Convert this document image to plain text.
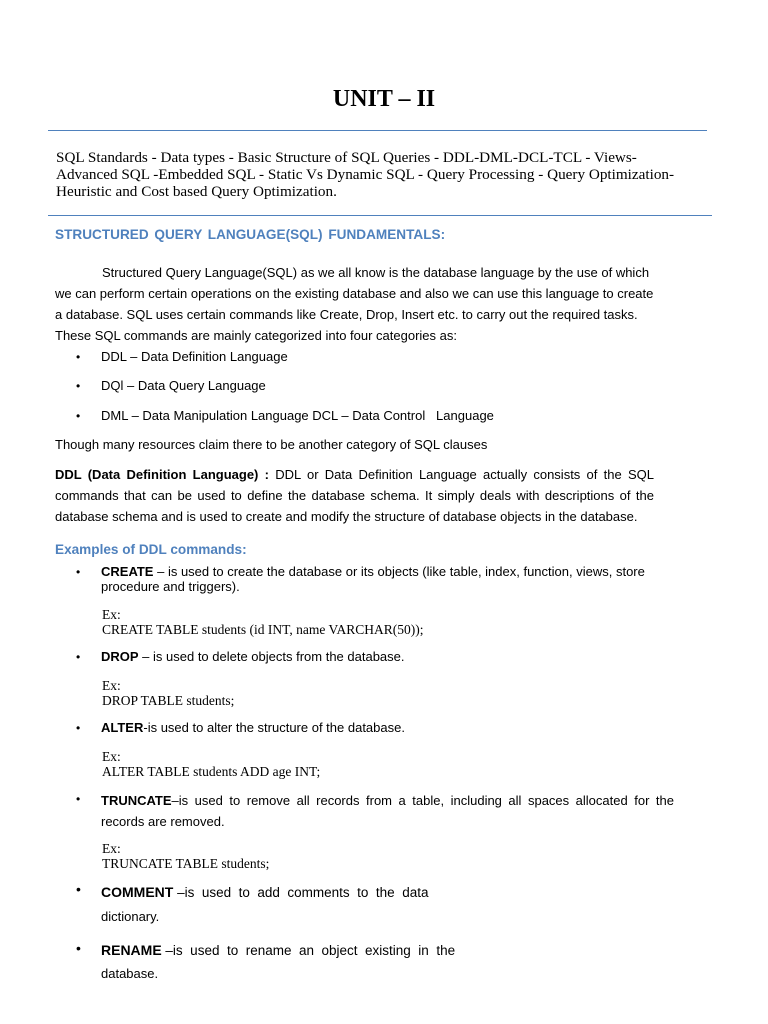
UNIT – II
SQL Standards - Data types - Basic Structure of SQL Queries - DDL-DML-DCL-TCL - Views-
Advanced SQL -Embedded SQL - Static Vs Dynamic SQL - Query Processing - Query Optimization-
Heuristic and Cost based Query Optimization.
STRUCTURED QUERY LANGUAGE(SQL) FUNDAMENTALS:
Structured Query Language(SQL) as we all know is the database language by the use of which
we can perform certain operations on the existing database and also we can use this language to create
a database. SQL uses certain commands like Create, Drop, Insert etc. to carry out the required tasks.
These SQL commands are mainly categorized into four categories as:
• DDL – Data Definition Language
• DQl – Data Query Language
• DML – Data Manipulation Language DCL – Data Control   Language
Though many resources claim there to be another category of SQL clauses
DDL (Data Definition Language) : DDL or Data Definition Language actually consists of the SQL
commands that can be used to define the database schema. It simply deals with descriptions of the
database schema and is used to create and modify the structure of database objects in the database.
Examples of DDL commands:
• CREATE – is used to create the database or its objects (like table, index, function, views, store
procedure and triggers).
Ex:
CREATE TABLE students (id INT, name VARCHAR(50));
• DROP – is used to delete objects from the database.
Ex:
DROP TABLE students;
• ALTER-is used to alter the structure of the database.
Ex:
ALTER TABLE students ADD age INT;
• TRUNCATE–is used to remove all records from a table, including all spaces allocated for the
records are removed.
Ex:
TRUNCATE TABLE students;
• COMMENT –is  used  to  add  comments  to  the  data
dictionary.
• RENAME –is  used  to  rename  an  object  existing  in  the
database.
